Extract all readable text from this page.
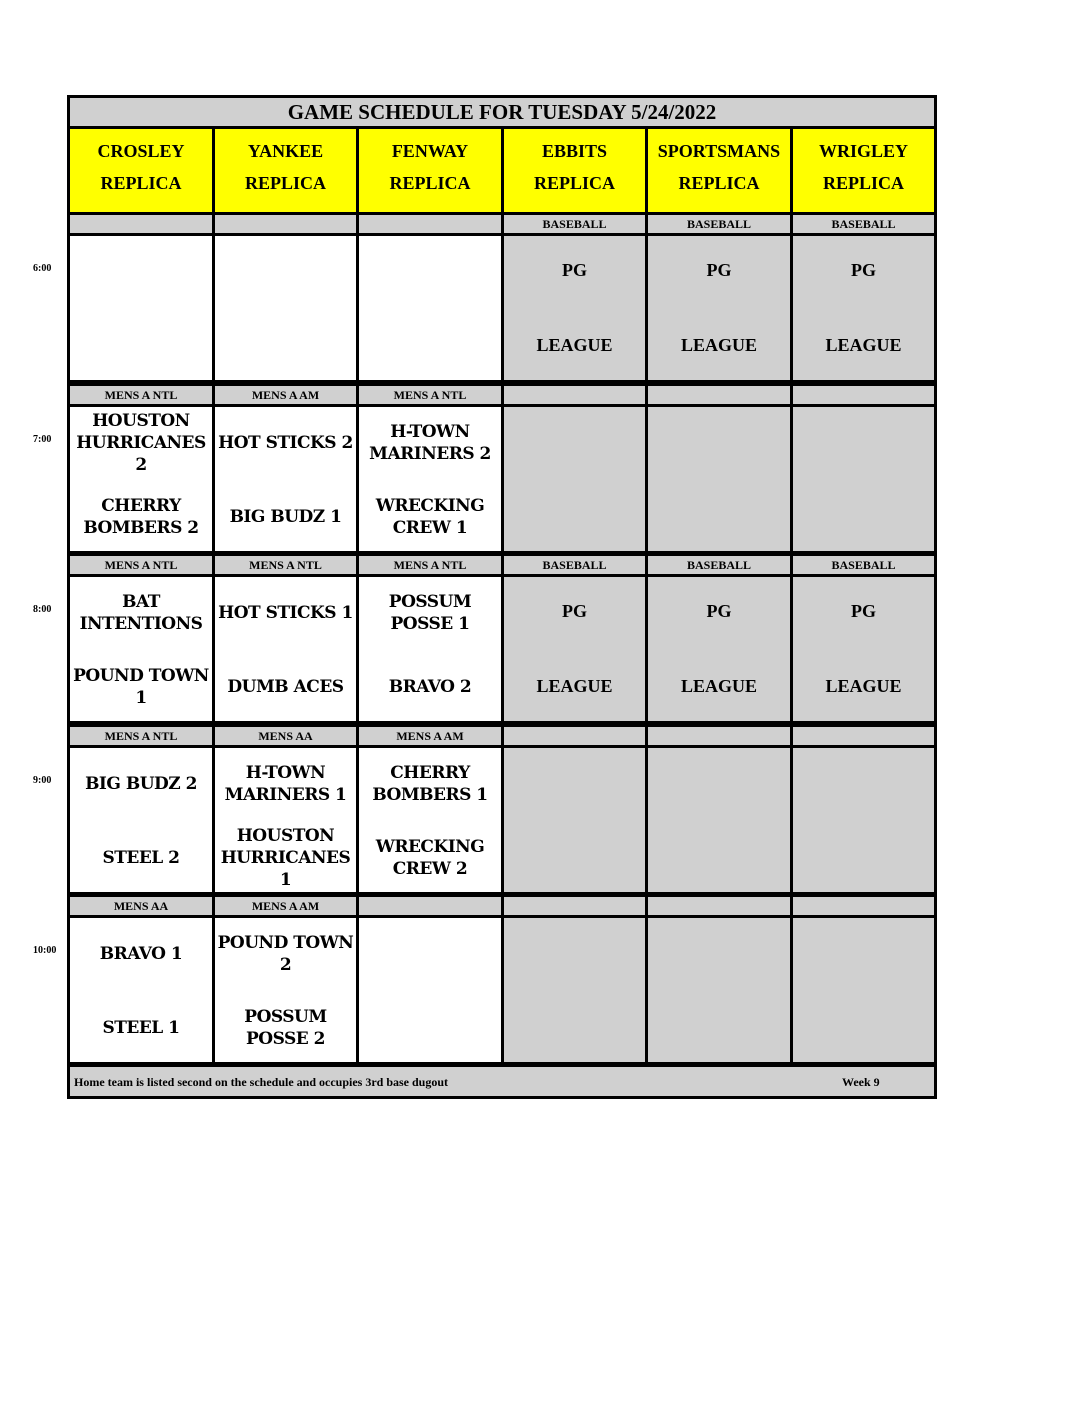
GAME SCHEDULE FOR TUESDAY 5/24/2022
CROSLEY
REPLICA
YANKEE
REPLICA
FENWAY
REPLICA
EBBITS
REPLICA
SPORTSMANS
REPLICA
WRIGLEY
REPLICA
BASEBALL
PG
LEAGUE
BASEBALL
PG
LEAGUE
BASEBALL
PG
LEAGUE
MENS A NTL
HOUSTON HURRICANES 2
CHERRY BOMBERS 2
MENS A AM
HOT STICKS 2
BIG BUDZ 1
MENS A NTL
H-TOWN MARINERS 2
WRECKING CREW 1
MENS A NTL
BAT INTENTIONS
POUND TOWN 1
MENS A NTL
HOT STICKS 1
DUMB ACES
MENS A NTL
POSSUM POSSE 1
BRAVO 2
BASEBALL
PG
LEAGUE
BASEBALL
PG
LEAGUE
BASEBALL
PG
LEAGUE
MENS A NTL
BIG BUDZ 2
STEEL 2
MENS AA
H-TOWN MARINERS 1
HOUSTON HURRICANES 1
MENS A AM
CHERRY BOMBERS 1
WRECKING CREW 2
MENS AA
BRAVO 1
STEEL 1
MENS A AM
POUND TOWN 2
POSSUM POSSE 2
Home team is listed second on the schedule and occupies 3rd base dugout	Week 9
6:00
7:00
8:00
9:00
10:00
